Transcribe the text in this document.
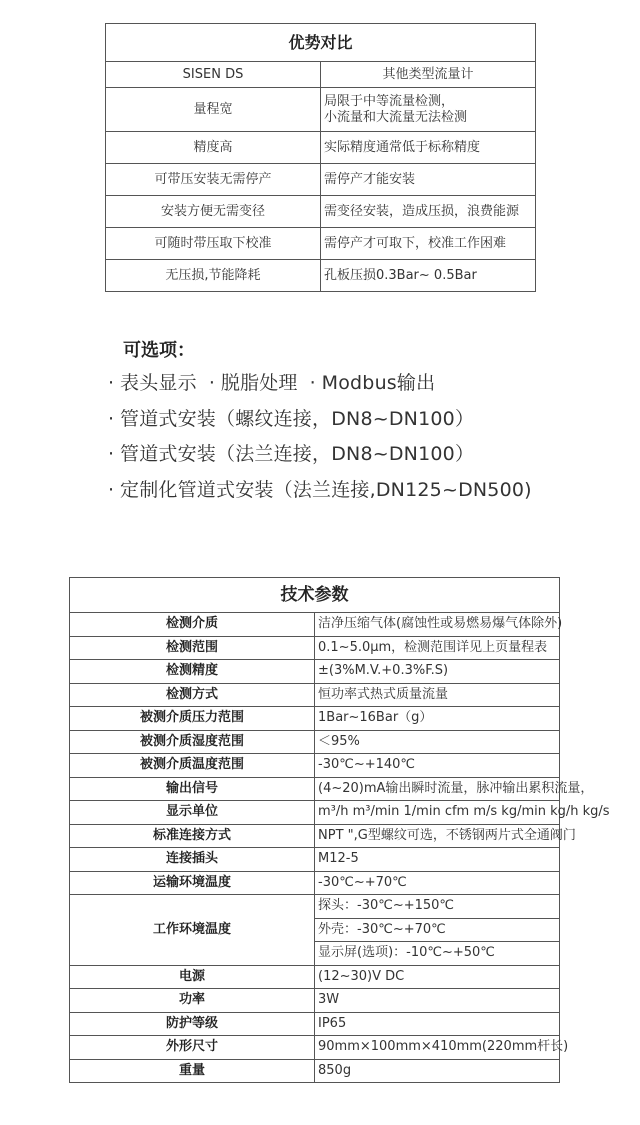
优势对比	
SISEN DS	其他类型流量计
量程宽	局限于中等流量检测，
小流量和大流量无法检测

精度高	实际精度通常低于标称精度
可带压安装无需停产	需停产才能安装
安装方便无需变径	需变径安装，造成压损，浪费能源
可随时带压取下校准	需停产才可取下，校准工作困难
无压损,节能降耗	孔板压损0.3Bar~ 0.5Bar
可选项：
· 表头显示 · 脱脂处理 · Modbus输出
· 管道式安装（螺纹连接，DN8~DN100）
· 管道式安装（法兰连接，DN8~DN100）
· 定制化管道式安装（法兰连接,DN125~DN500)
技术参数	
检测介质	洁净压缩气体(腐蚀性或易燃易爆气体除外)
检测范围	0.1~5.0μm，检测范围详见上页量程表
检测精度	±(3%M.V.+0.3%F.S)
检测方式	恒功率式热式质量流量
被测介质压力范围	1Bar~16Bar（g）
被测介质湿度范围	＜95%
被测介质温度范围	-30℃~+140℃
输出信号	(4~20)mA输出瞬时流量，脉冲输出累积流量，
显示单位	m³/h m³/min 1/min cfm m/s kg/min kg/h kg/s
标准连接方式	NPT ",G型螺纹可选，不锈钢两片式全通阀门
连接插头	M12-5
运输环境温度	-30℃~+70℃
工作环境温度	探头：-30℃~+150℃
	外壳：-30℃~+70℃
	显示屏(选项)：-10℃~+50℃
电源	(12~30)V DC
功率	3W
防护等级	IP65
外形尺寸	90mm×100mm×410mm(220mm杆长)
重量	850g
